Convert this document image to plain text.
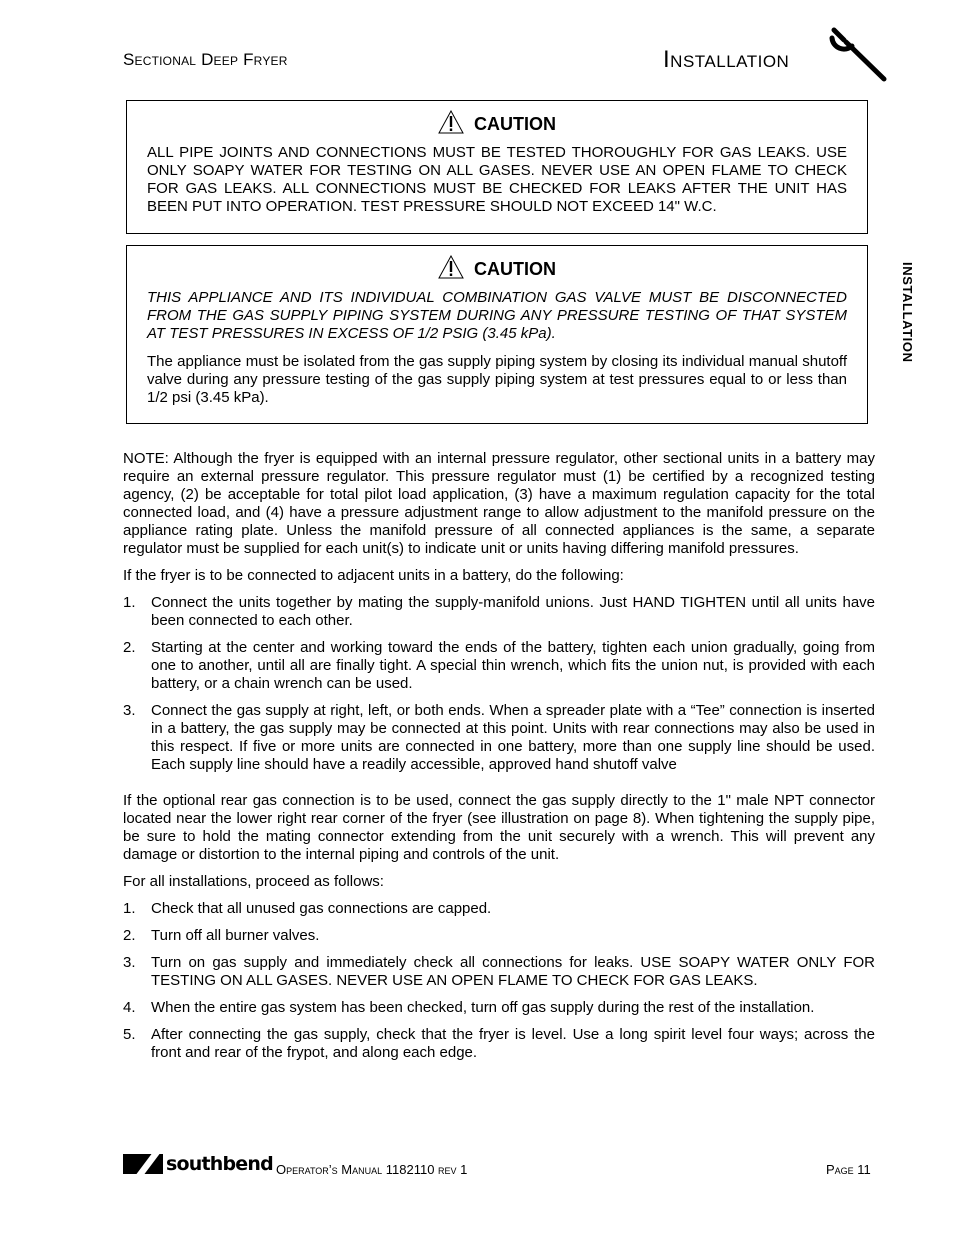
Sectional Deep Fryer	Installation
INSTALLATION
CAUTION

ALL PIPE JOINTS AND CONNECTIONS MUST BE TESTED THOROUGHLY FOR GAS LEAKS. USE ONLY SOAPY WATER FOR TESTING ON ALL GASES. NEVER USE AN OPEN FLAME TO CHECK FOR GAS LEAKS. ALL CONNECTIONS MUST BE CHECKED FOR LEAKS AFTER THE UNIT HAS BEEN PUT INTO OPERATION. TEST PRESSURE SHOULD NOT EXCEED 14" W.C.

CAUTION

THIS APPLIANCE AND ITS INDIVIDUAL COMBINATION GAS VALVE MUST BE DISCONNECTED FROM THE GAS SUPPLY PIPING SYSTEM DURING ANY PRESSURE TESTING OF THAT SYSTEM AT TEST PRESSURES IN EXCESS OF 1/2 PSIG (3.45 kPa).

The appliance must be isolated from the gas supply piping system by closing its individual manual shutoff valve during any pressure testing of the gas supply piping system at test pressures equal to or less than 1/2 psi (3.45 kPa).

NOTE: Although the fryer is equipped with an internal pressure regulator, other sectional units in a battery may require an external pressure regulator. This pressure regulator must (1) be certified by a recognized testing agency, (2) be acceptable for total pilot load application, (3) have a maximum regulation capacity for the total connected load, and (4) have a pressure adjustment range to allow adjustment to the manifold pressure on the appliance rating plate. Unless the manifold pressure of all connected appliances is the same, a separate regulator must be supplied for each unit(s) to indicate unit or units having differing manifold pressures.

If the fryer is to be connected to adjacent units in a battery, do the following:

1. Connect the units together by mating the supply-manifold unions. Just HAND TIGHTEN until all units have been connected to each other.
2. Starting at the center and working toward the ends of the battery, tighten each union gradually, going from one to another, until all are finally tight. A special thin wrench, which fits the union nut, is provided with each battery, or a chain wrench can be used.
3. Connect the gas supply at right, left, or both ends. When a spreader plate with a “Tee” connection is inserted in a battery, the gas supply may be connected at this point. Units with rear connections may also be used in this respect. If five or more units are connected in one battery, more than one supply line should be used. Each supply line should have a readily accessible, approved hand shutoff valve

If the optional rear gas connection is to be used, connect the gas supply directly to the 1" male NPT connector located near the lower right rear corner of the fryer (see illustration on page 8). When tightening the supply pipe, be sure to hold the mating connector extending from the unit securely with a wrench. This will prevent any damage or distortion to the internal piping and controls of the unit.

For all installations, proceed as follows:

1. Check that all unused gas connections are capped.
2. Turn off all burner valves.
3. Turn on gas supply and immediately check all connections for leaks. USE SOAPY WATER ONLY FOR TESTING ON ALL GASES. NEVER USE AN OPEN FLAME TO CHECK FOR GAS LEAKS.
4. When the entire gas system has been checked, turn off gas supply during the rest of the installation.
5. After connecting the gas supply, check that the fryer is level. Use a long spirit level four ways; across the front and rear of the frypot, and along each edge.
southbend Operator’s Manual 1182110 rev 1	Page 11
